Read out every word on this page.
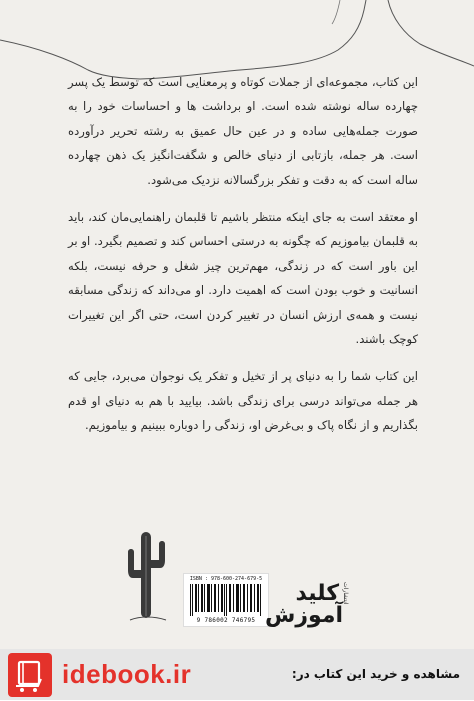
این کتاب، مجموعه‌ای از جملات کوتاه و پرمعنایی است که توسط یک پسر چهارده ساله نوشته شده است. او برداشت ها و احساسات خود را به صورت جمله‌هایی ساده و در عین حال عمیق به رشته تحریر درآورده است. هر جمله، بازتابی از دنیای خالص و شگفت‌انگیز یک ذهن چهارده ساله است که به دقت و تفکر بزرگسالانه نزدیک می‌شود.

او معتقد است به جای اینکه منتظر باشیم تا قلبمان راهنمایی‌مان کند، باید به قلبمان بیاموزیم که چگونه به درستی احساس کند و تصمیم بگیرد. او بر این باور است که در زندگی، مهم‌ترین چیز شغل و حرفه نیست، بلکه انسانیت و خوب بودن است که اهمیت دارد. او می‌داند که زندگی مسابقه نیست و همه‌ی ارزش انسان در تغییر کردن است، حتی اگر این تغییرات کوچک باشند.

این کتاب شما را به دنیای پر از تخیل و تفکر یک نوجوان می‌برد، جایی که هر جمله می‌تواند درسی برای زندگی باشد. بیایید با هم به دنیای او قدم بگذاریم و از نگاه پاک و بی‌غرض او، زندگی را دوباره ببینیم و بیاموزیم.

ISBN : 978-600-274-679-5
9 786002 746795
انتشارات
کلید
آموزش
idebook.ir	مشاهده و خرید این کتاب در:
